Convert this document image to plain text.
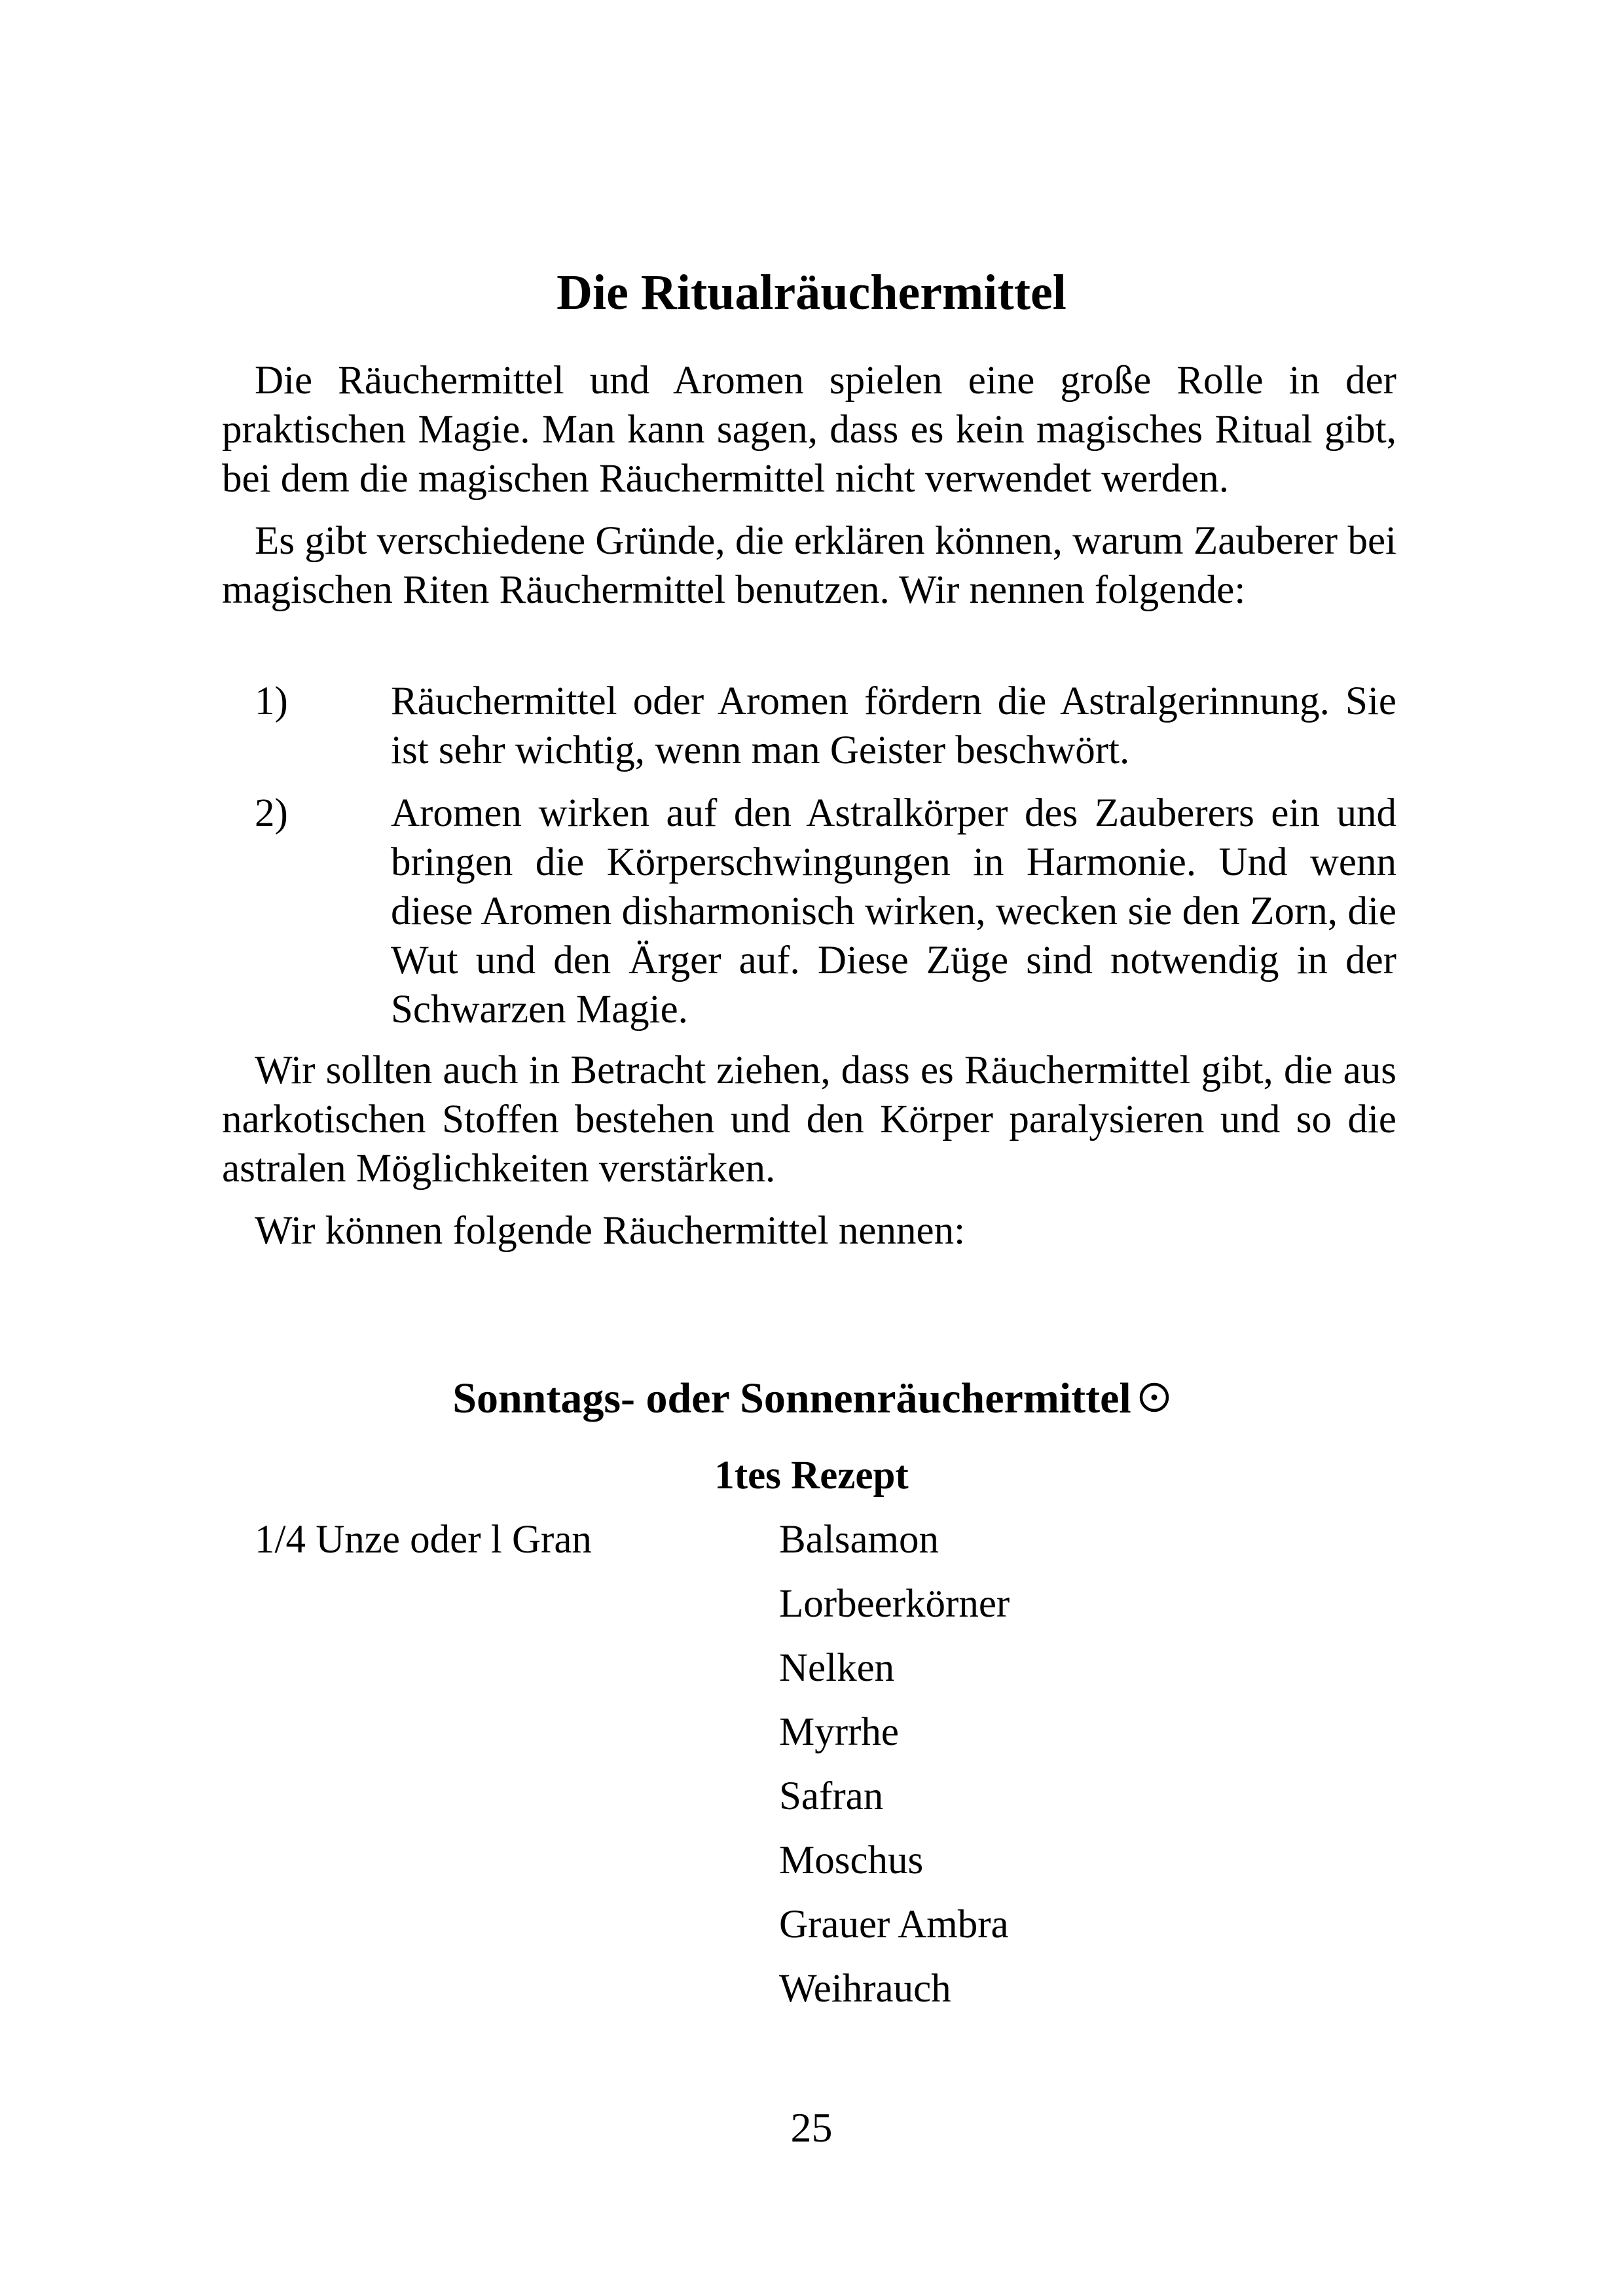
Die Ritualräuchermittel

Die Räuchermittel und Aromen spielen eine große Rolle in der praktischen Magie. Man kann sagen, dass es kein magisches Ritual gibt, bei dem die magischen Räuchermittel nicht verwendet werden.

Es gibt verschiedene Gründe, die erklären können, warum Zauberer bei magischen Riten Räuchermittel benutzen. Wir nennen folgende:

1)	Räuchermittel oder Aromen fördern die Astralgerinnung. Sie ist sehr wichtig, wenn man Geister beschwört.

2)	Aromen wirken auf den Astralkörper des Zauberers ein und bringen die Körperschwingungen in Harmonie. Und wenn diese Aromen disharmonisch wirken, wecken sie den Zorn, die Wut und den Ärger auf. Diese Züge sind notwendig in der Schwarzen Magie.

Wir sollten auch in Betracht ziehen, dass es Räuchermittel gibt, die aus narkotischen Stoffen bestehen und den Körper paralysieren und so die astralen Möglichkeiten verstärken.

Wir können folgende Räuchermittel nennen:

Sonntags- oder Sonnenräuchermittel
1tes Rezept
1/4 Unze oder l Gran	Balsamon
Lorbeerkörner
Nelken
Myrrhe
Safran
Moschus
Grauer Ambra
Weihrauch
25
